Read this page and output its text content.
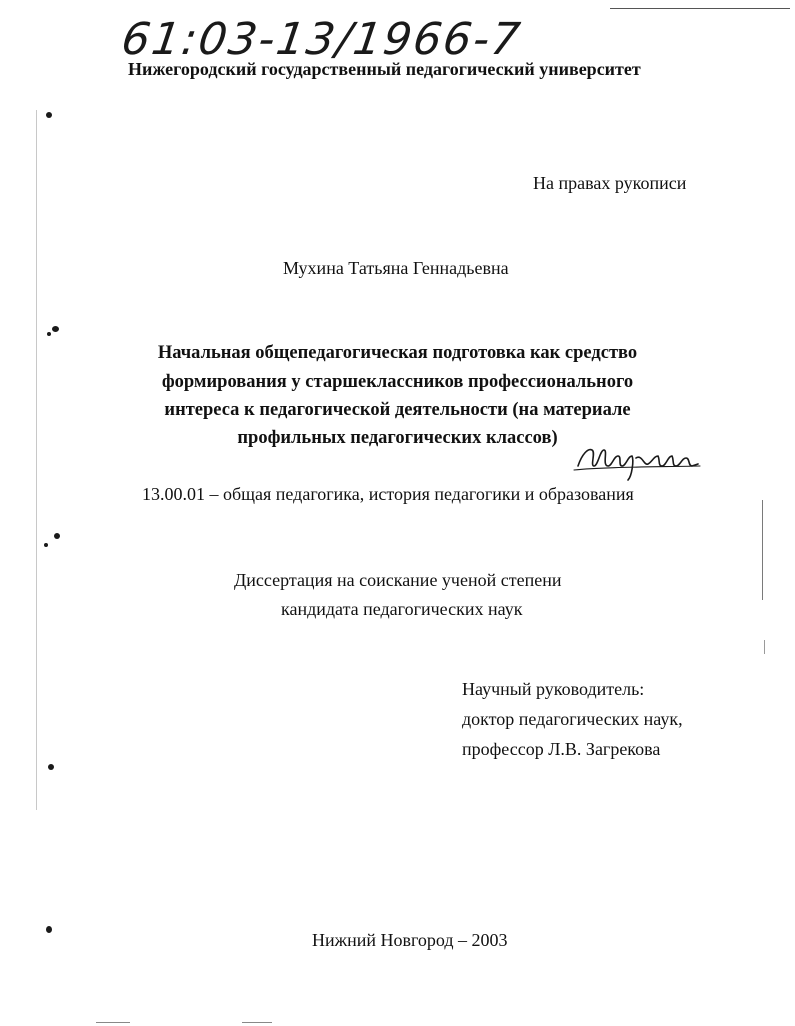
61:03-13/1966-7
Нижегородский государственный педагогический университет
На правах рукописи
Мухина Татьяна Геннадьевна
Начальная общепедагогическая подготовка как средство
формирования у старшеклассников профессионального
интереса к педагогической деятельности (на материале
профильных педагогических классов)
13.00.01 – общая педагогика, история педагогики и образования
Диссертация на соискание ученой степени
кандидата педагогических наук
Научный руководитель:
доктор педагогических наук,
профессор Л.В. Загрекова
Нижний Новгород – 2003
